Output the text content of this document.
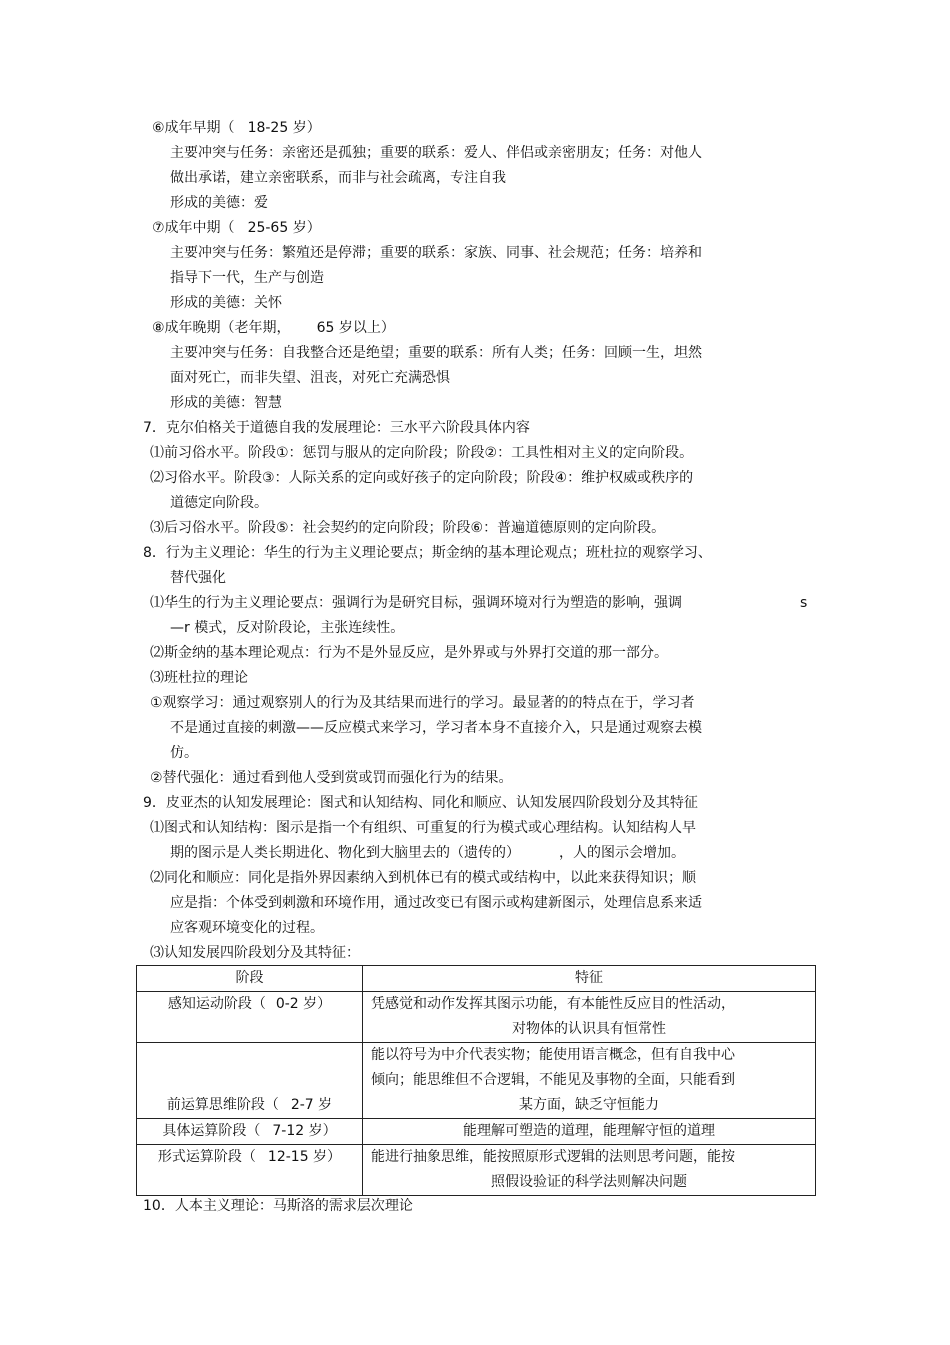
⑥成年早期（ 18-25 岁）
主要冲突与任务：亲密还是孤独；重要的联系：爱人、伴侣或亲密朋友；任务：对他人
做出承诺，建立亲密联系，而非与社会疏离，专注自我
形成的美德：爱
⑦成年中期（ 25-65 岁）
主要冲突与任务：繁殖还是停滞；重要的联系：家族、同事、社会规范；任务：培养和
指导下一代，生产与创造
形成的美德：关怀
⑧成年晚期（老年期， 65 岁以上）
主要冲突与任务：自我整合还是绝望；重要的联系：所有人类；任务：回顾一生，坦然
面对死亡，而非失望、沮丧，对死亡充满恐惧
形成的美德：智慧
7．克尔伯格关于道德自我的发展理论：三水平六阶段具体内容
⑴前习俗水平。阶段①：惩罚与服从的定向阶段；阶段②：工具性相对主义的定向阶段。
⑵习俗水平。阶段③：人际关系的定向或好孩子的定向阶段；阶段④：维护权威或秩序的
道德定向阶段。
⑶后习俗水平。阶段⑤：社会契约的定向阶段；阶段⑥：普遍道德原则的定向阶段。
8．行为主义理论：华生的行为主义理论要点；斯金纳的基本理论观点；班杜拉的观察学习、
替代强化
⑴华生的行为主义理论要点：强调行为是研究目标，强调环境对行为塑造的影响，强调	s
—r 模式，反对阶段论，主张连续性。
⑵斯金纳的基本理论观点：行为不是外显反应，是外界或与外界打交道的那一部分。
⑶班杜拉的理论
①观察学习：通过观察别人的行为及其结果而进行的学习。最显著的的特点在于，学习者
不是通过直接的刺激——反应模式来学习，学习者本身不直接介入，只是通过观察去模
仿。
②替代强化：通过看到他人受到赏或罚而强化行为的结果。
9．皮亚杰的认知发展理论：图式和认知结构、同化和顺应、认知发展四阶段划分及其特征
⑴图式和认知结构：图示是指一个有组织、可重复的行为模式或心理结构。认知结构人早
期的图示是人类长期进化、物化到大脑里去的（遗传的）	，人的图示会增加。
⑵同化和顺应：同化是指外界因素纳入到机体已有的模式或结构中，以此来获得知识；顺
应是指：个体受到刺激和环境作用，通过改变已有图示或构建新图示，处理信息系来适
应客观环境变化的过程。
⑶认知发展四阶段划分及其特征：
阶段	特征
感知运动阶段（ 0-2 岁）	凭感觉和动作发挥其图示功能，有本能性反应目的性活动，
对物体的认识具有恒常性

前运算思维阶段（ 2-7 岁	能以符号为中介代表实物；能使用语言概念，但有自我中心
倾向；能思维但不合逻辑，不能见及事物的全面，只能看到
某方面，缺乏守恒能力

具体运算阶段（ 7-12 岁）	能理解可塑造的道理，能理解守恒的道理

形式运算阶段（ 12-15 岁）	能进行抽象思维，能按照原形式逻辑的法则思考问题，能按
照假设验证的科学法则解决问题
10．人本主义理论：马斯洛的需求层次理论
